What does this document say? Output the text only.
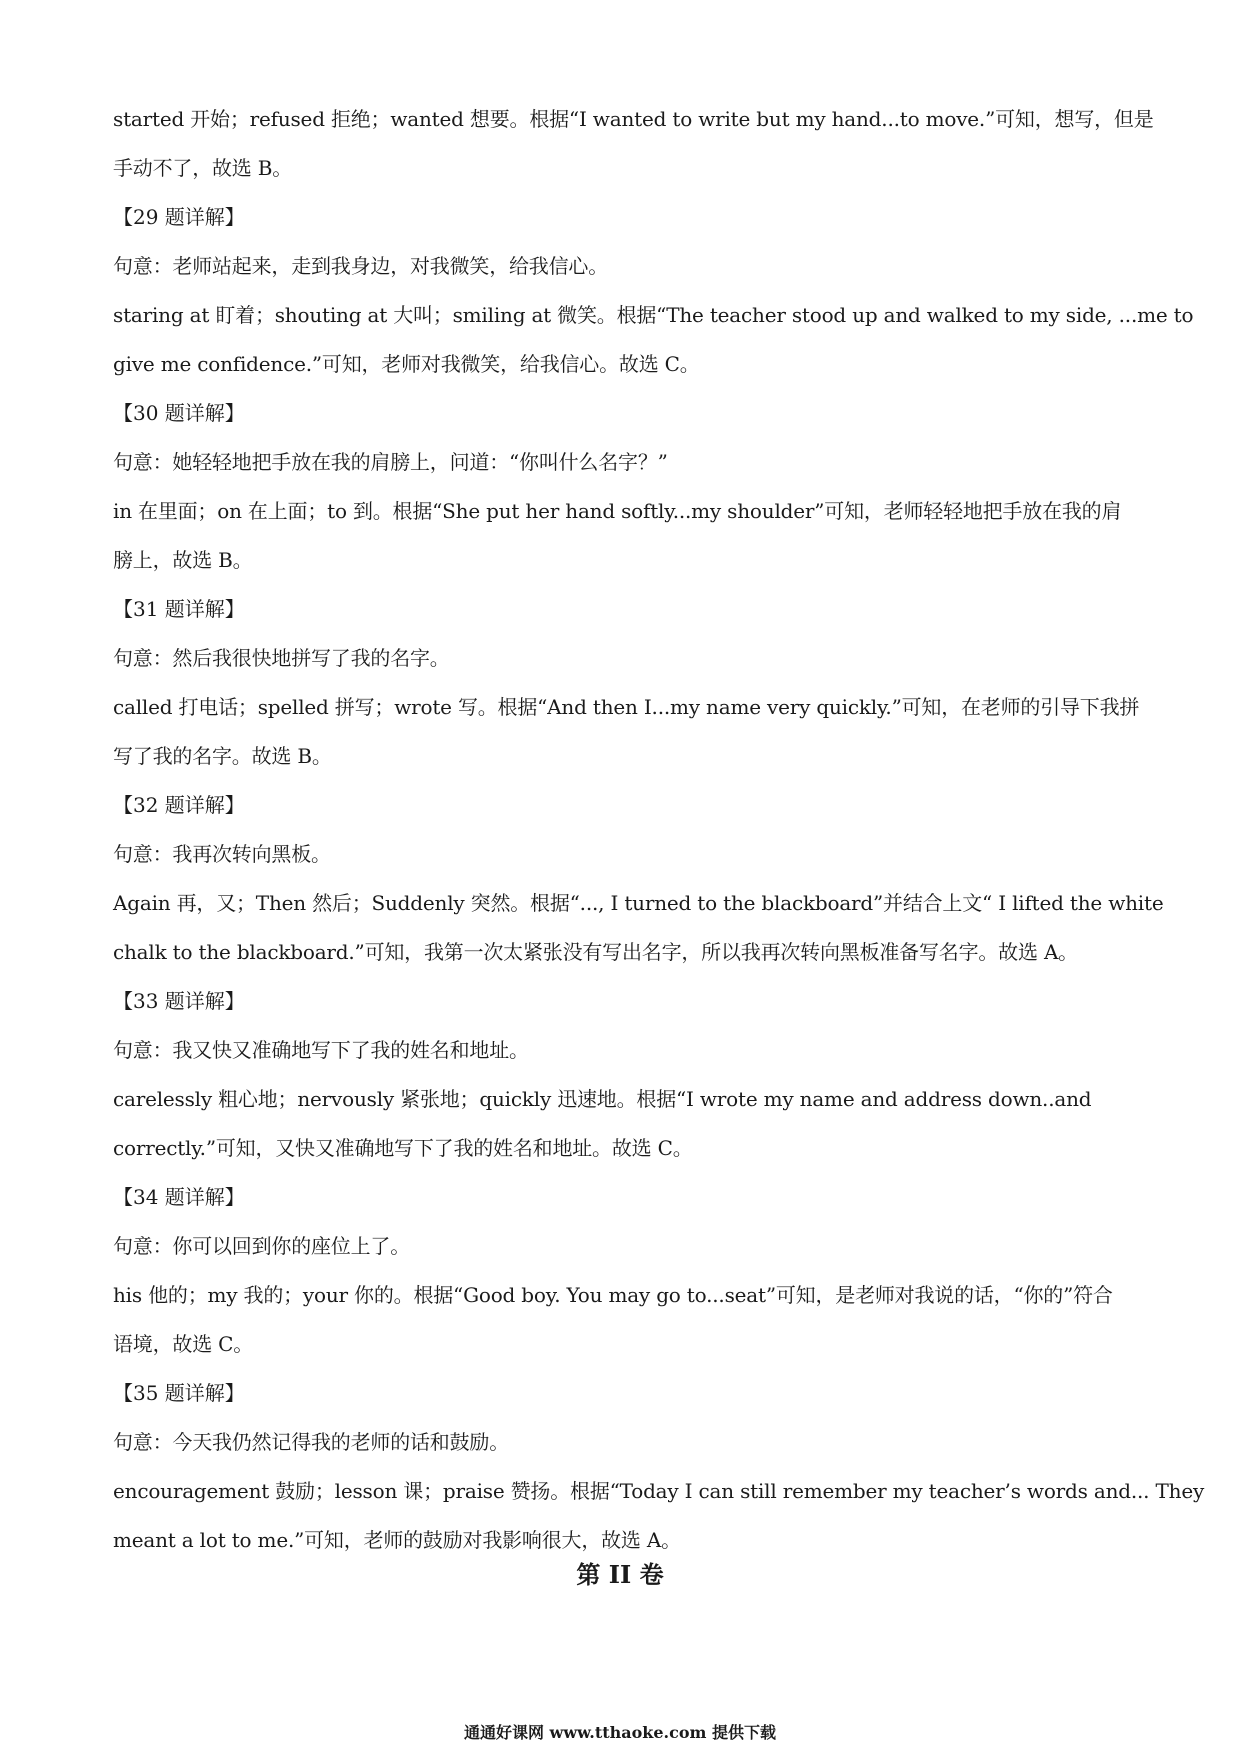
started 开始；refused 拒绝；wanted 想要。根据“I wanted to write but my hand...to move.”可知，想写，但是
手动不了，故选 B。
【29 题详解】
句意：老师站起来，走到我身边，对我微笑，给我信心。
staring at 盯着；shouting at 大叫；smiling at 微笑。根据“The teacher stood up and walked to my side, ...me to
give me confidence.”可知，老师对我微笑，给我信心。故选 C。
【30 题详解】
句意：她轻轻地把手放在我的肩膀上，问道：“你叫什么名字？”
in 在里面；on 在上面；to 到。根据“She put her hand softly...my shoulder”可知，老师轻轻地把手放在我的肩
膀上，故选 B。
【31 题详解】
句意：然后我很快地拼写了我的名字。
called 打电话；spelled 拼写；wrote 写。根据“And then I...my name very quickly.”可知，在老师的引导下我拼
写了我的名字。故选 B。
【32 题详解】
句意：我再次转向黑板。
Again 再，又；Then 然后；Suddenly 突然。根据“..., I turned to the blackboard”并结合上文“ I lifted the white
chalk to the blackboard.”可知，我第一次太紧张没有写出名字，所以我再次转向黑板准备写名字。故选 A。
【33 题详解】
句意：我又快又准确地写下了我的姓名和地址。
carelessly 粗心地；nervously 紧张地；quickly 迅速地。根据“I wrote my name and address down..and
correctly.”可知，又快又准确地写下了我的姓名和地址。故选 C。
【34 题详解】
句意：你可以回到你的座位上了。
his 他的；my 我的；your 你的。根据“Good boy. You may go to...seat”可知，是老师对我说的话，“你的”符合
语境，故选 C。
【35 题详解】
句意：今天我仍然记得我的老师的话和鼓励。
encouragement 鼓励；lesson 课；praise 赞扬。根据“Today I can still remember my teacher’s words and... They
meant a lot to me.”可知，老师的鼓励对我影响很大，故选 A。
第 II 卷
通通好课网 www.tthaoke.com 提供下载
